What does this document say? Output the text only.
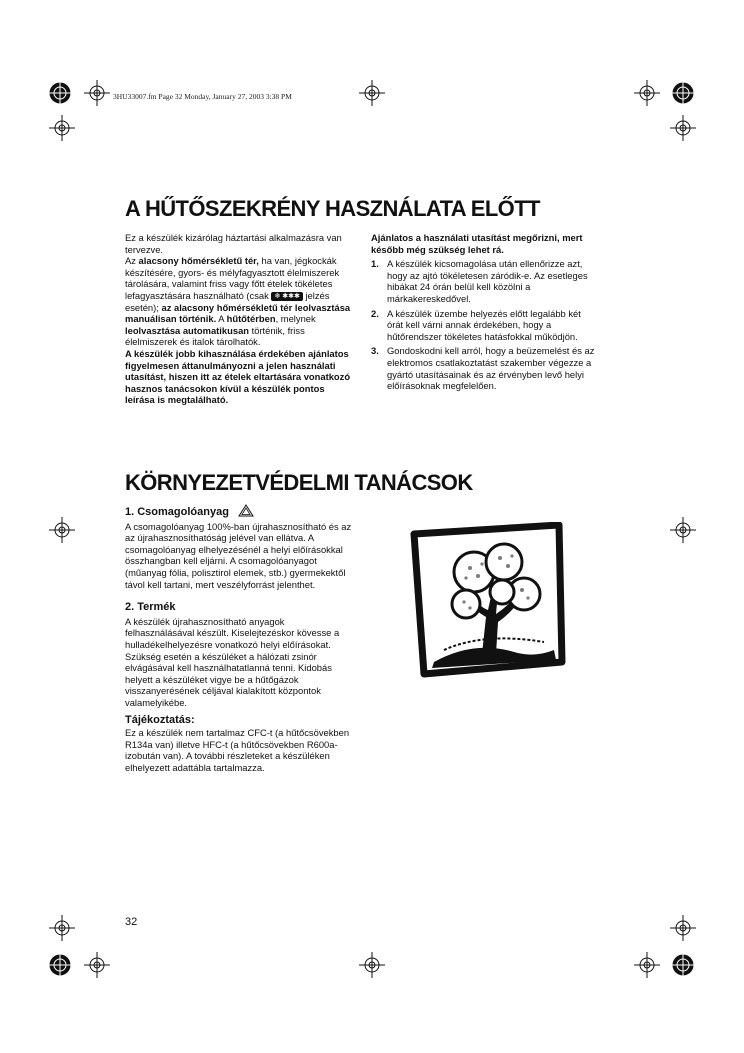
3HU33007.fm Page 32 Monday, January 27, 2003 3:38 PM
A HŰTŐSZEKRÉNY HASZNÁLATA ELŐTT

Ez a készülék kizárólag háztartási alkalmazásra van tervezve.

Az alacsony hőmérsékletű tér, ha van, jégkockák készítésére, gyors- és mélyfagyasztott élelmiszerek tárolására, valamint friss vagy főtt ételek tökéletes lefagyasztására használható (csak ❄ ✱✱✱ jelzés esetén); az alacsony hőmérsékletű tér leolvasztása manuálisan történik. A hűtőtérben, melynek leolvasztása automatikusan történik, friss élelmiszerek és italok tárolhatók.

A készülék jobb kihasználása érdekében ajánlatos figyelmesen áttanulmányozni a jelen használati utasítást, hiszen itt az ételek eltartására vonatkozó hasznos tanácsokon kívül a készülék pontos leírása is megtalálható.

Ajánlatos a használati utasítást megőrizni, mert később még szükség lehet rá.

1. A készülék kicsomagolása után ellenőrizze azt, hogy az ajtó tökéletesen záródik-e. Az esetleges hibákat 24 órán belül kell közölni a márkakereskedővel.
2. A készülék üzembe helyezés előtt legalább két órát kell várni annak érdekében, hogy a hűtőrendszer tökéletes hatásfokkal működjön.
3. Gondoskodni kell arról, hogy a beüzemelést és az elektromos csatlakoztatást szakember végezze a gyártó utasításainak és az érvényben levő helyi előírásoknak megfelelően.
KÖRNYEZETVÉDELMI TANÁCSOK

1. Csomagolóanyag

A csomagolóanyag 100%-ban újrahasznosítható és az az újrahasznosíthatóság jelével van ellátva. A csomagolóanyag elhelyezésénél a helyi előírásokkal összhangban kell eljárni. A csomagolóanyagot (műanyag fólia, polisztirol elemek, stb.) gyermekektől távol kell tartani, mert veszélyforrást jelenthet.

2. Termék

A készülék újrahasznosítható anyagok felhasználásával készült. Kiselejtezéskor kövesse a hulladékelhelyezésre vonatkozó helyi előírásokat. Szükség esetén a készüléket a hálózati zsinór elvágásával kell használhatatlanná tenni. Kidobás helyett a készüléket vigye be a hűtőgázok visszanyerésének céljával kialakított központok valamelyikébe.

Tájékoztatás:

Ez a készülék nem tartalmaz CFC-t (a hűtőcsövekben R134a van) illetve HFC-t (a hűtőcsövekben R600a-izobután van). A további részleteket a készüléken elhelyezett adattábla tartalmazza.

32
